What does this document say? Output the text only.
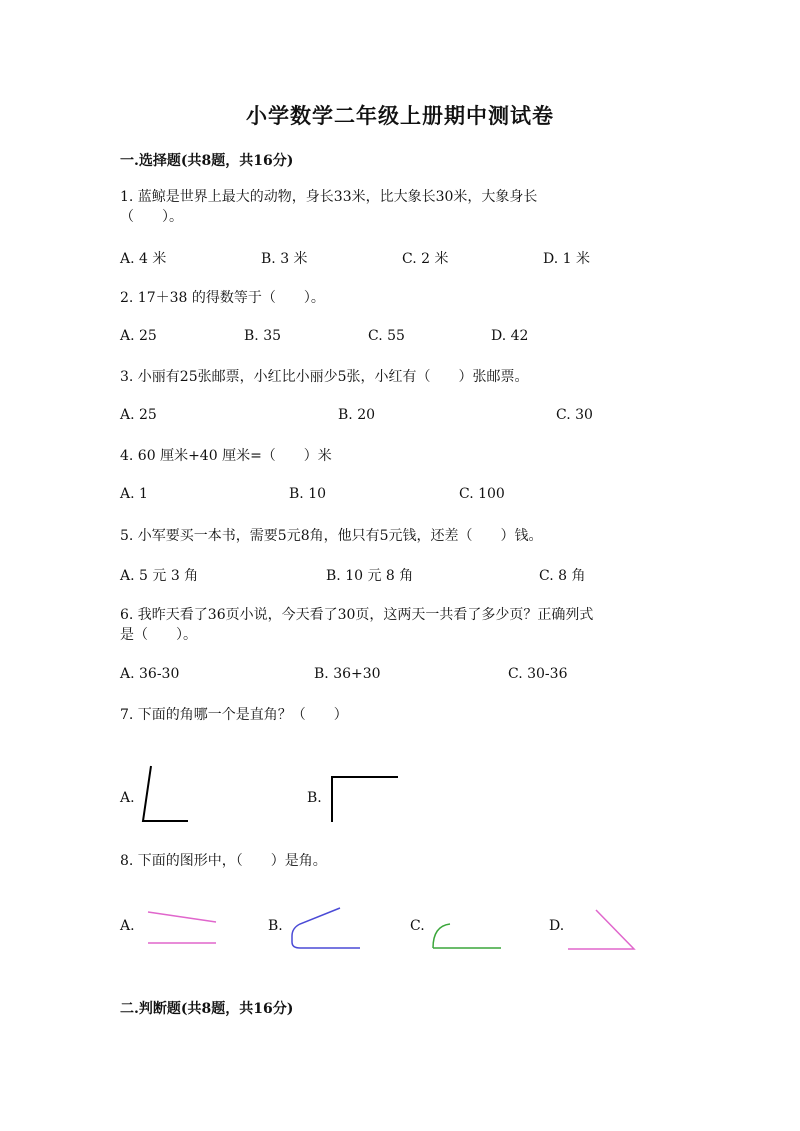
小学数学二年级上册期中测试卷
一.选择题(共8题，共16分)
1. 蓝鲸是世界上最大的动物，身长33米，比大象长30米，大象身长
（　　）。
A. 4 米	B. 3 米	C. 2 米	D. 1 米
2. 17＋38 的得数等于（　　）。
A. 25	B. 35	C. 55	D. 42
3. 小丽有25张邮票，小红比小丽少5张，小红有（　　）张邮票。
A. 25	B. 20	C. 30
4. 60 厘米+40 厘米=（　　）米
A. 1	B. 10	C. 100
5. 小军要买一本书，需要5元8角，他只有5元钱，还差（　　）钱。
A. 5 元 3 角	B. 10 元 8 角	C. 8 角
6. 我昨天看了36页小说，今天看了30页，这两天一共看了多少页？正确列式
是（　　）。
A. 36-30	B. 36+30	C. 30-36
7. 下面的角哪一个是直角？（　　）
A.	B.
8. 下面的图形中，（　　）是角。
A.	B.	C.	D.
二.判断题(共8题，共16分)
